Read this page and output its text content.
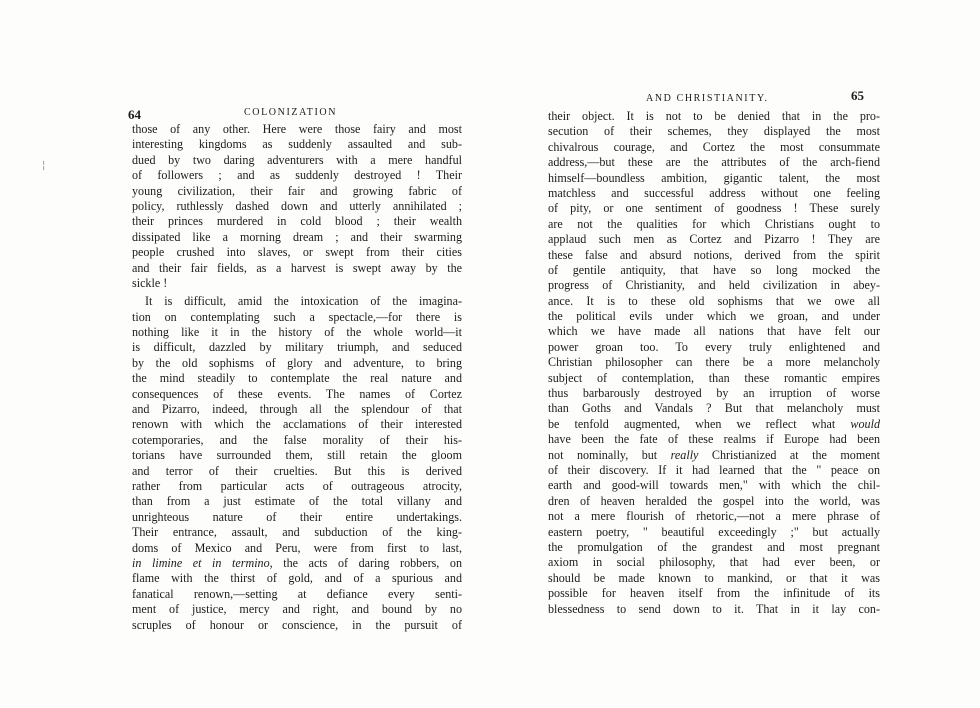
64	COLONIZATION
those of any other. Here were those fairy and most
interesting kingdoms as suddenly assaulted and sub-
dued by two daring adventurers with a mere handful
of followers ; and as suddenly destroyed ! Their
young civilization, their fair and growing fabric of
policy, ruthlessly dashed down and utterly annihilated ;
their princes murdered in cold blood ; their wealth
dissipated like a morning dream ; and their swarming
people crushed into slaves, or swept from their cities
and their fair fields, as a harvest is swept away by the
sickle !
It is difficult, amid the intoxication of the imagina-
tion on contemplating such a spectacle,—for there is
nothing like it in the history of the whole world—it
is difficult, dazzled by military triumph, and seduced
by the old sophisms of glory and adventure, to bring
the mind steadily to contemplate the real nature and
consequences of these events. The names of Cortez
and Pizarro, indeed, through all the splendour of that
renown with which the acclamations of their interested
cotemporaries, and the false morality of their his-
torians have surrounded them, still retain the gloom
and terror of their cruelties. But this is derived
rather from particular acts of outrageous atrocity,
than from a just estimate of the total villany and
unrighteous nature of their entire undertakings.
Their entrance, assault, and subduction of the king-
doms of Mexico and Peru, were from first to last,
in limine et in termino, the acts of daring robbers, on
flame with the thirst of gold, and of a spurious and
fanatical renown,—setting at defiance every senti-
ment of justice, mercy and right, and bound by no
scruples of honour or conscience, in the pursuit of
¦
AND CHRISTIANITY.	65
their object. It is not to be denied that in the pro-
secution of their schemes, they displayed the most
chivalrous courage, and Cortez the most consummate
address,—but these are the attributes of the arch-fiend
himself—boundless ambition, gigantic talent, the most
matchless and successful address without one feeling
of pity, or one sentiment of goodness ! These surely
are not the qualities for which Christians ought to
applaud such men as Cortez and Pizarro ! They are
these false and absurd notions, derived from the spirit
of gentile antiquity, that have so long mocked the
progress of Christianity, and held civilization in abey-
ance. It is to these old sophisms that we owe all
the political evils under which we groan, and under
which we have made all nations that have felt our
power groan too. To every truly enlightened and
Christian philosopher can there be a more melancholy
subject of contemplation, than these romantic empires
thus barbarously destroyed by an irruption of worse
than Goths and Vandals ? But that melancholy must
be tenfold augmented, when we reflect what would
have been the fate of these realms if Europe had been
not nominally, but really Christianized at the moment
of their discovery. If it had learned that the " peace on
earth and good-will towards men," with which the chil-
dren of heaven heralded the gospel into the world, was
not a mere flourish of rhetoric,—not a mere phrase of
eastern poetry, " beautiful exceedingly ;" but actually
the promulgation of the grandest and most pregnant
axiom in social philosophy, that had ever been, or
should be made known to mankind, or that it was
possible for heaven itself from the infinitude of its
blessedness to send down to it. That in it lay con-
